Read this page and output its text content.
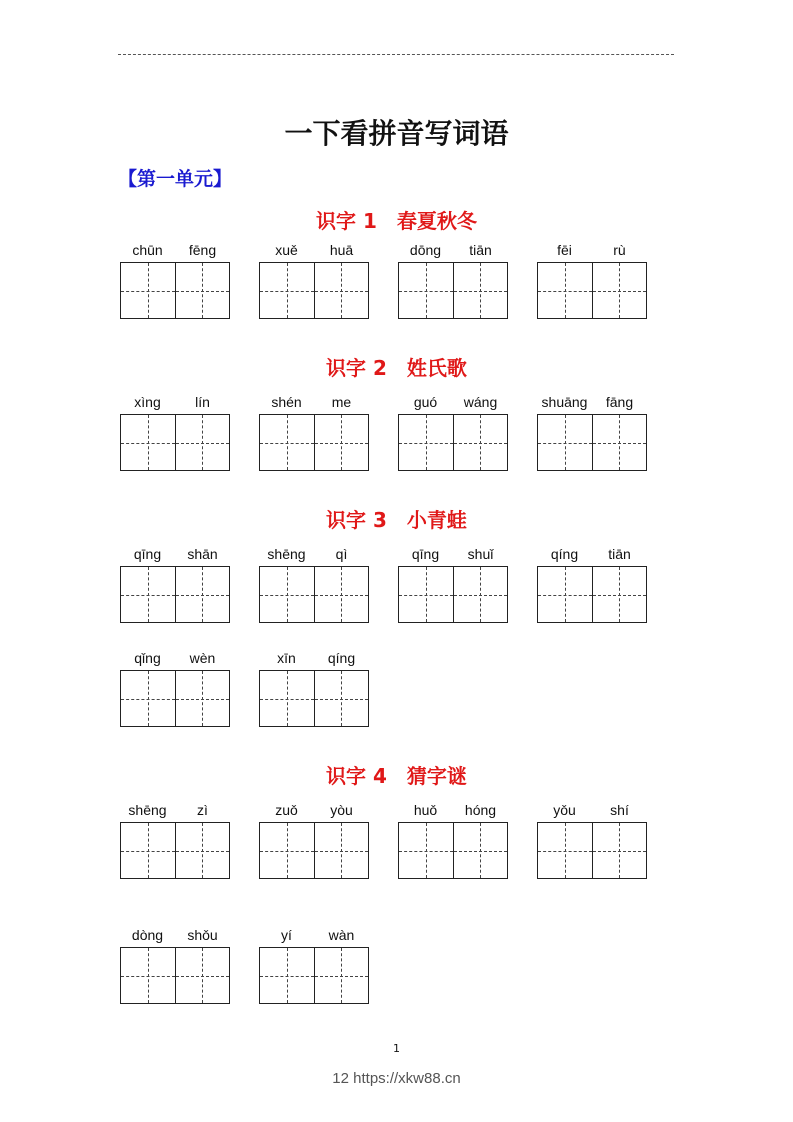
一下看拼音写词语
【第一单元】
识字 1　春夏秋冬
chūn	fēng	xuě	huā	dōng	tiān	fēi	rù
识字 2　姓氏歌
xìng	lín	shén	me	guó	wáng	shuāng	fāng
识字 3　小青蛙
qīng	shān	shēng	qì	qīng	shuǐ	qíng	tiān
qǐng	wèn	xīn	qíng
识字 4　猜字谜
shēng	zì	zuǒ	yòu	huǒ	hóng	yǒu	shí
dòng	shǒu	yí	wàn
1
12 https://xkw88.cn
